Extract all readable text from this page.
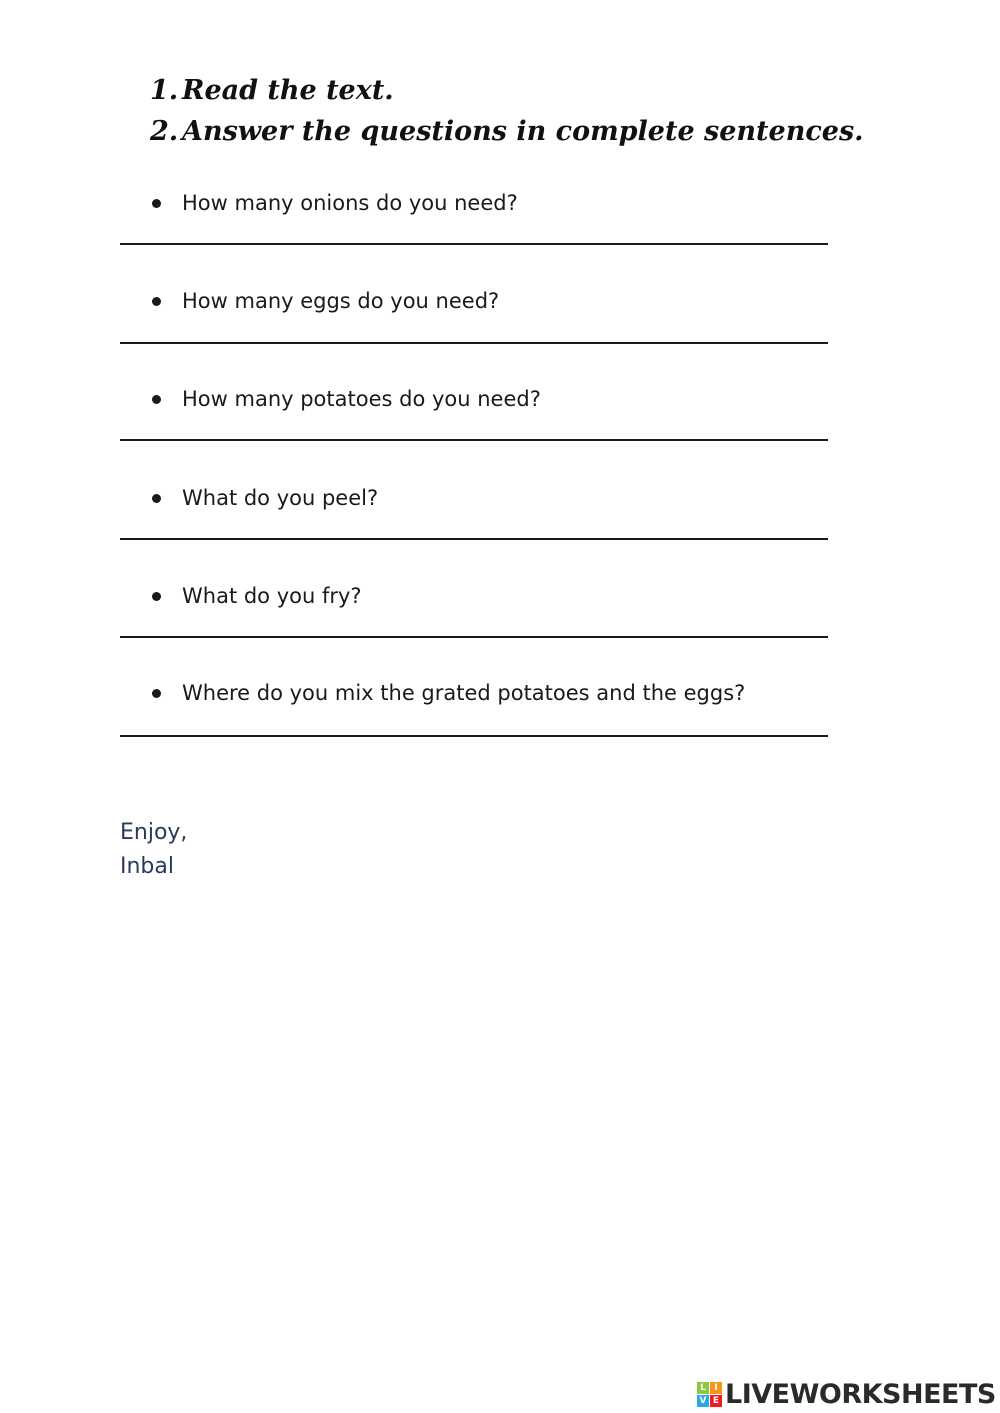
1. Read the text.
2. Answer the questions in complete sentences.
How many onions do you need?
How many eggs do you need?
How many potatoes do you need?
What do you peel?
What do you fry?
Where do you mix the grated potatoes and the eggs?
Enjoy,
Inbal
L I
V E LIVEWORKSHEETS
